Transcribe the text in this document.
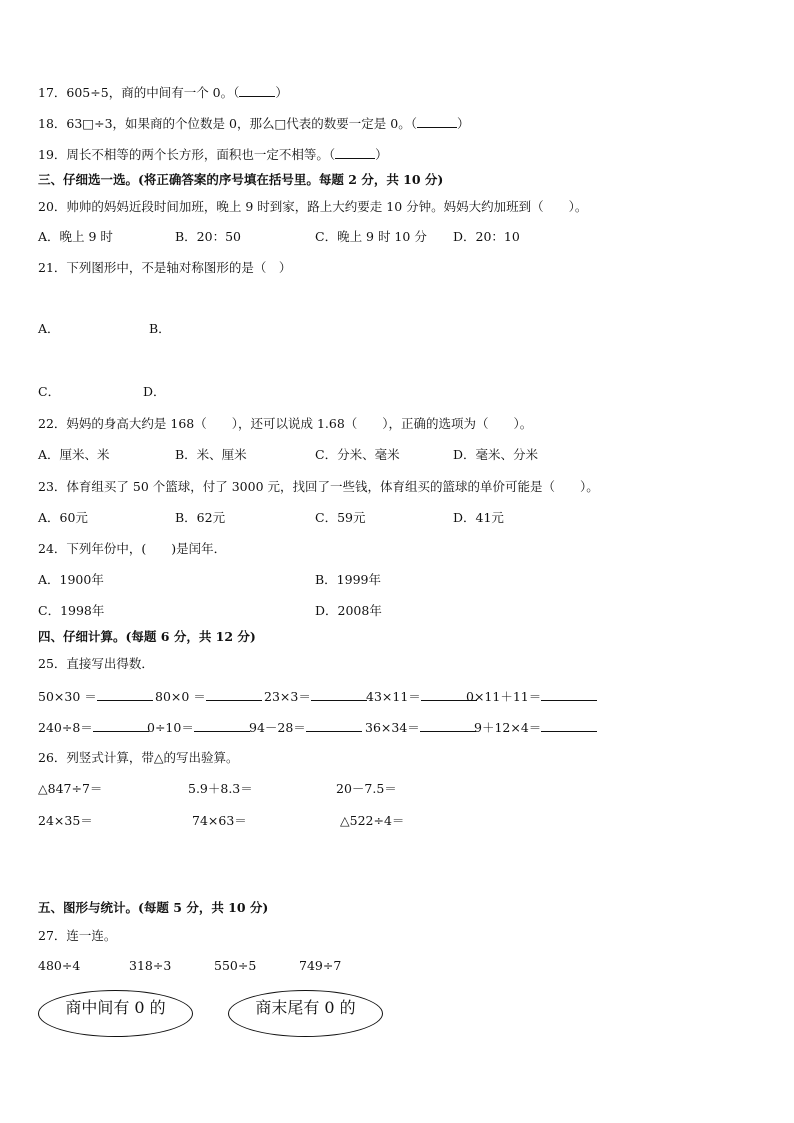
17．605÷5，商的中间有一个 0。（	）
18．63□÷3，如果商的个位数是 0，那么□代表的数要一定是 0。（	）
19．周长不相等的两个长方形，面积也一定不相等。（	）
三、仔细选一选。(将正确答案的序号填在括号里。每题 2 分，共 10 分)
20．帅帅的妈妈近段时间加班，晚上 9 时到家，路上大约要走 10 分钟。妈妈大约加班到（　　）。
A．晚上 9 时	B．20：50	C．晚上 9 时 10 分 D．20：10
21．下列图形中，不是轴对称图形的是（　）
A．	B．
C．	D．
22．妈妈的身高大约是 168（　　），还可以说成 1.68（　　），正确的选项为（　　）。
A．厘米、米	B．米、厘米	C．分米、毫米	D．毫米、分米
23．体育组买了 50 个篮球，付了 3000 元，找回了一些钱，体育组买的篮球的单价可能是（　　）。
A．60元	B．62元	C．59元	D．41元
24．下列年份中，(　　)是闰年．
A．1900年	B．1999年
C．1998年	D．2008年
四、仔细计算。(每题 6 分，共 12 分)
25．直接写出得数．
50×30 ＝	80×0 ＝	23×3＝	43×11＝	0×11＋11＝
240÷8＝	0÷10＝	94－28＝	36×34＝	9＋12×4＝
26．列竖式计算，带△的写出验算。
△847÷7＝	5.9＋8.3＝	20－7.5＝
24×35＝	74×63＝	△522÷4＝
五、图形与统计。(每题 5 分，共 10 分)
27．连一连。
480÷4	318÷3	550÷5	749÷7
商中间有 0 的	商末尾有 0 的
